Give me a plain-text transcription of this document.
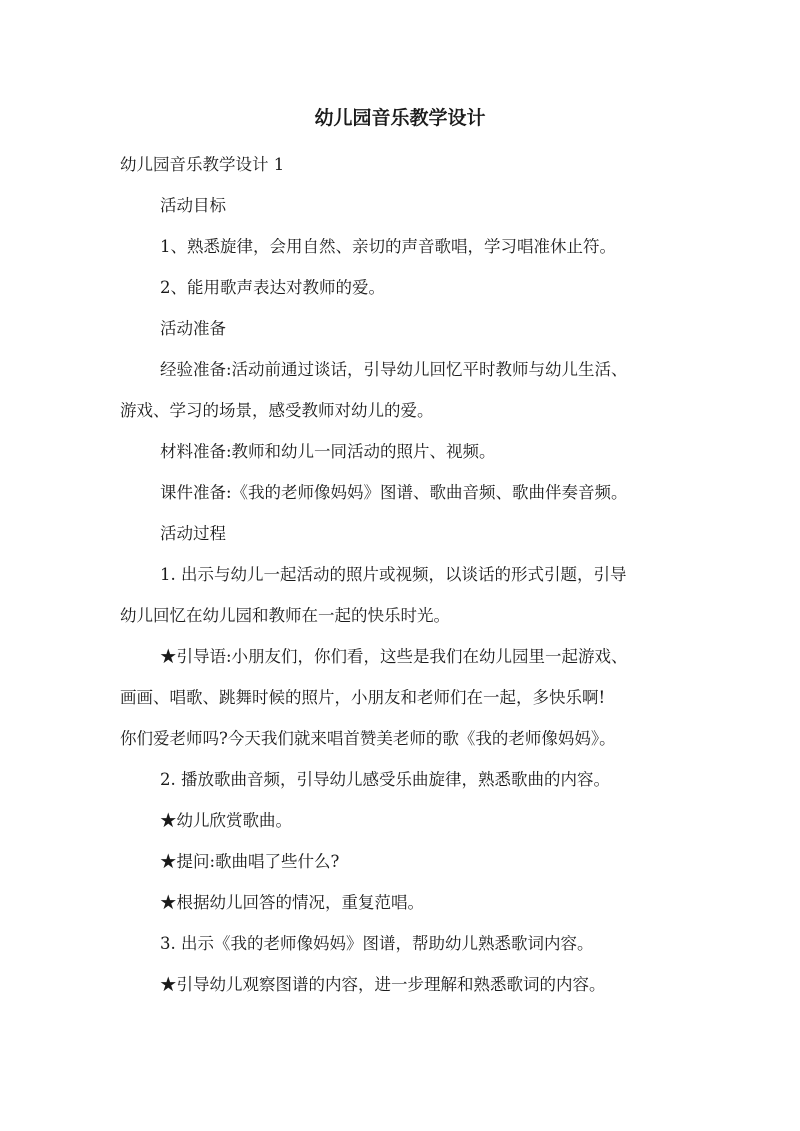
幼儿园音乐教学设计

幼儿园音乐教学设计 1

活动目标

1、熟悉旋律，会用自然、亲切的声音歌唱，学习唱准休止符。

2、能用歌声表达对教师的爱。

活动准备

经验准备:活动前通过谈话，引导幼儿回忆平时教师与幼儿生活、

游戏、学习的场景，感受教师对幼儿的爱。

材料准备:教师和幼儿一同活动的照片、视频。

课件准备:《我的老师像妈妈》图谱、歌曲音频、歌曲伴奏音频。

活动过程

1. 出示与幼儿一起活动的照片或视频，以谈话的形式引题，引导

幼儿回忆在幼儿园和教师在一起的快乐时光。

★引导语:小朋友们，你们看，这些是我们在幼儿园里一起游戏、

画画、唱歌、跳舞时候的照片，小朋友和老师们在一起，多快乐啊!

你们爱老师吗?今天我们就来唱首赞美老师的歌《我的老师像妈妈》。

2. 播放歌曲音频，引导幼儿感受乐曲旋律，熟悉歌曲的内容。

★幼儿欣赏歌曲。

★提问:歌曲唱了些什么?

★根据幼儿回答的情况，重复范唱。

3. 出示《我的老师像妈妈》图谱，帮助幼儿熟悉歌词内容。

★引导幼儿观察图谱的内容，进一步理解和熟悉歌词的内容。
